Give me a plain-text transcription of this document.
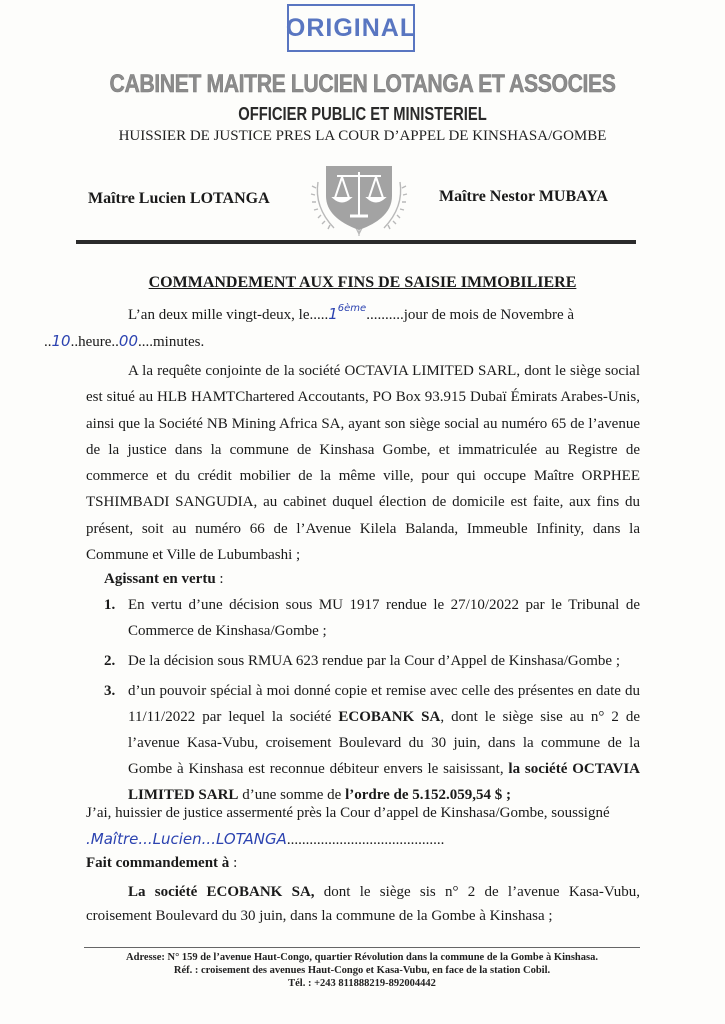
ORIGINAL
CABINET MAITRE LUCIEN LOTANGA ET ASSOCIES
OFFICIER PUBLIC ET MINISTERIEL
HUISSIER DE JUSTICE PRES LA COUR D’APPEL DE KINSHASA/GOMBE
Maître Lucien LOTANGA	Maître Nestor MUBAYA
COMMANDEMENT AUX FINS DE SAISIE IMMOBILIERE
L’an deux mille vingt-deux, $le.....1^{6ème}..........jour$ de mois de Novembre à
..10..heure..00....minutes.
A la requête conjointe de la société OCTAVIA LIMITED SARL, dont le siège social est situé au HLB HAMTChartered Accoutants, PO Box 93.915 Dubaï Émirats Arabes-Unis, ainsi que la Société NB Mining Africa SA, ayant son siège social au numéro 65 de l’avenue de la justice dans la commune de Kinshasa Gombe, et immatriculée au Registre de commerce et du crédit mobilier de la même ville, pour qui occupe Maître ORPHEE TSHIMBADI SANGUDIA, au cabinet duquel élection de domicile est faite, aux fins du présent, soit au numéro 66 de l’Avenue Kilela Balanda, Immeuble Infinity, dans la Commune et Ville de Lubumbashi ;
Agissant en vertu :
1. En vertu d’une décision sous MU 1917 rendue le 27/10/2022 par le Tribunal de Commerce de Kinshasa/Gombe ;
2. De la décision sous RMUA 623 rendue par la Cour d’Appel de Kinshasa/Gombe ;
3. d’un pouvoir spécial à moi donné copie et remise avec celle des présentes en date du 11/11/2022 par lequel la société ECOBANK SA, dont le siège sise au n° 2 de l’avenue Kasa-Vubu, croisement Boulevard du 30 juin, dans la commune de la Gombe à Kinshasa est reconnue débiteur envers le saisissant, la société OCTAVIA LIMITED SARL d’une somme de l’ordre de 5.152.059,54 $ ;
J’ai, huissier de justice assermenté près la Cour d’appel de Kinshasa/Gombe, soussigné
.Maître...Lucien...LOTANGA..........................................
Fait commandement à :
La société ECOBANK SA, dont le siège sis n° 2 de l’avenue Kasa-Vubu, croisement Boulevard du 30 juin, dans la commune de la Gombe à Kinshasa ;
Adresse: N° 159 de l’avenue Haut-Congo, quartier Révolution dans la commune de la Gombe à Kinshasa.
Réf. : croisement des avenues Haut-Congo et Kasa-Vubu, en face de la station Cobil.
Tél. : +243 811888219-892004442
